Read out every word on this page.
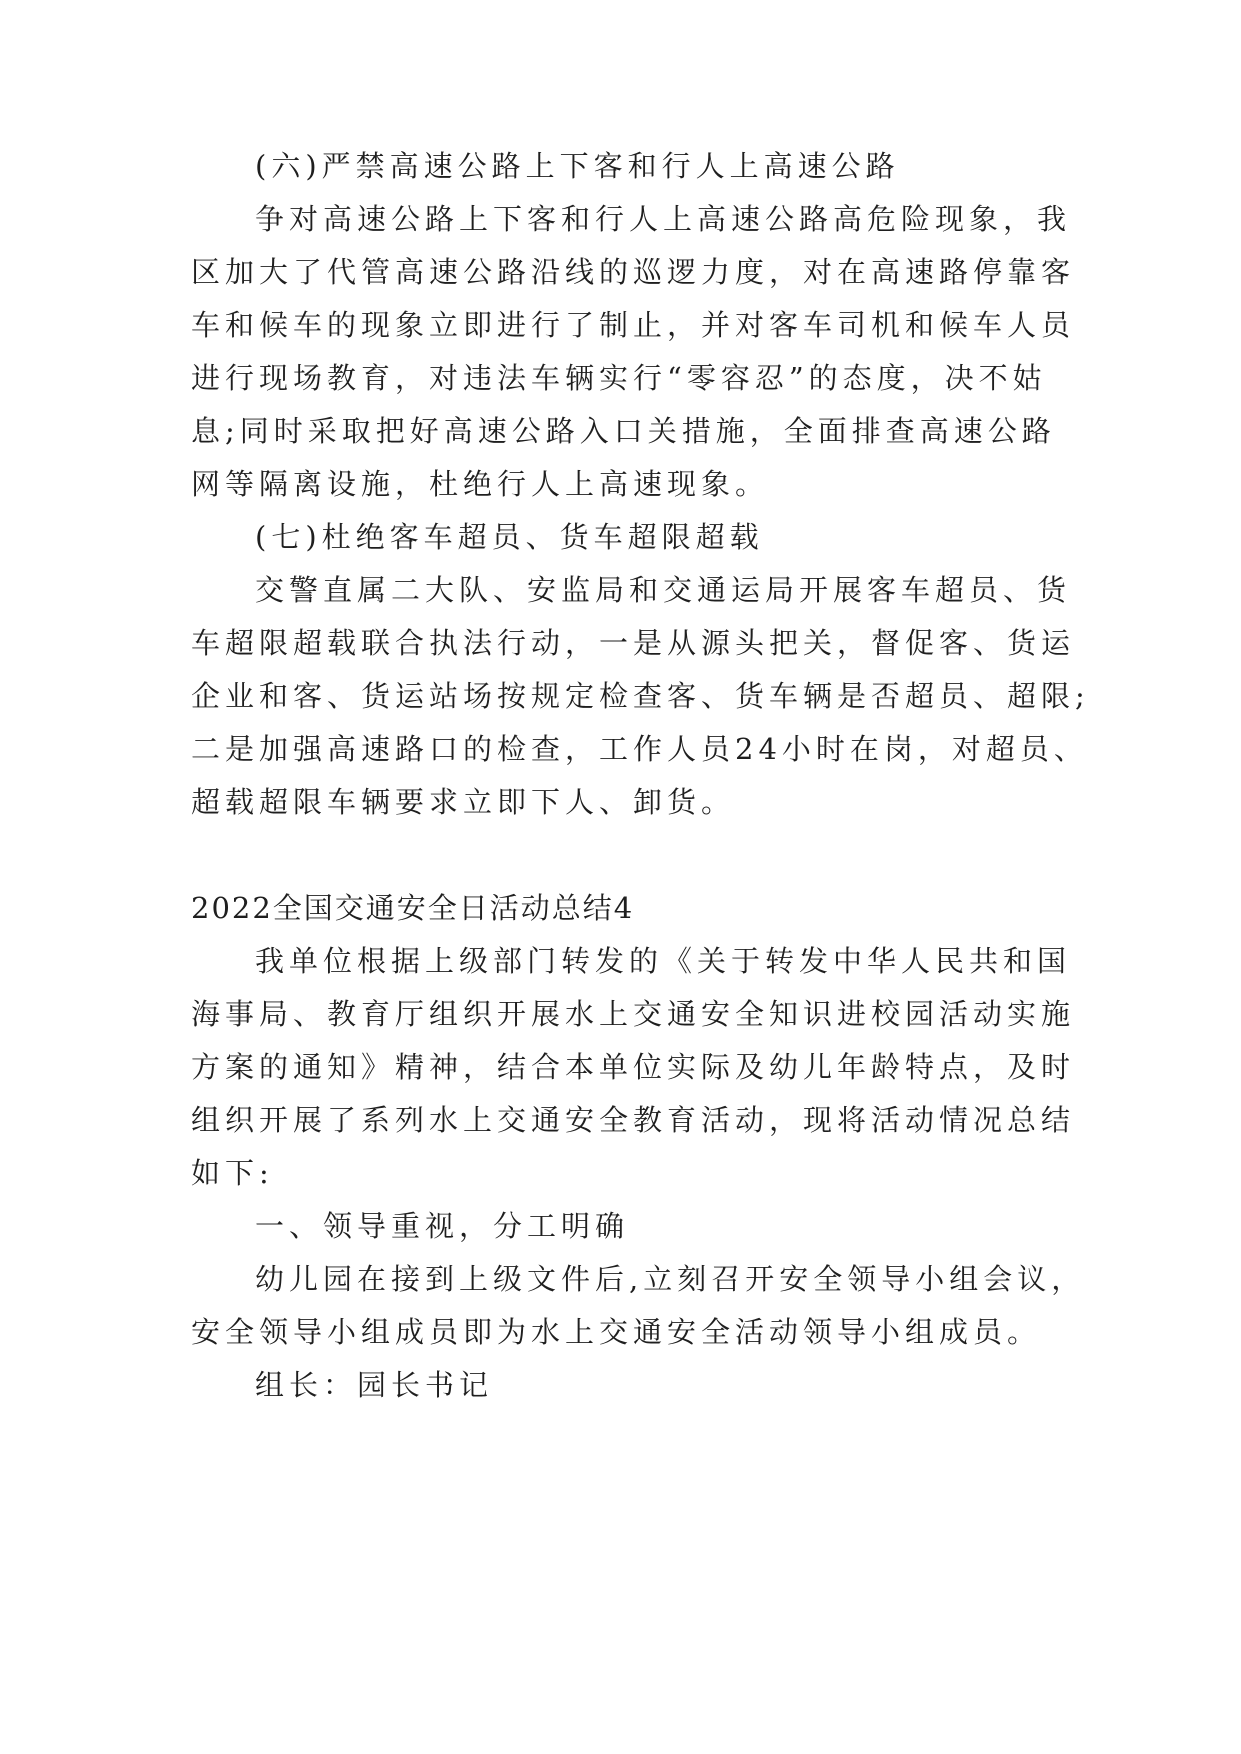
(六)严禁高速公路上下客和行人上高速公路
争对高速公路上下客和行人上高速公路高危险现象，我
区加大了代管高速公路沿线的巡逻力度，对在高速路停靠客
车和候车的现象立即进行了制止，并对客车司机和候车人员
进行现场教育，对违法车辆实行“零容忍”的态度，决不姑
息;同时采取把好高速公路入口关措施，全面排查高速公路
网等隔离设施，杜绝行人上高速现象。
(七)杜绝客车超员、货车超限超载
交警直属二大队、安监局和交通运局开展客车超员、货
车超限超载联合执法行动，一是从源头把关，督促客、货运
企业和客、货运站场按规定检查客、货车辆是否超员、超限;
二是加强高速路口的检查，工作人员24小时在岗，对超员、
超载超限车辆要求立即下人、卸货。
2022全国交通安全日活动总结4
我单位根据上级部门转发的《关于转发中华人民共和国
海事局、教育厅组织开展水上交通安全知识进校园活动实施
方案的通知》精神，结合本单位实际及幼儿年龄特点，及时
组织开展了系列水上交通安全教育活动，现将活动情况总结
如下:
一、领导重视，分工明确
幼儿园在接到上级文件后,立刻召开安全领导小组会议，
安全领导小组成员即为水上交通安全活动领导小组成员。
组长：园长书记
